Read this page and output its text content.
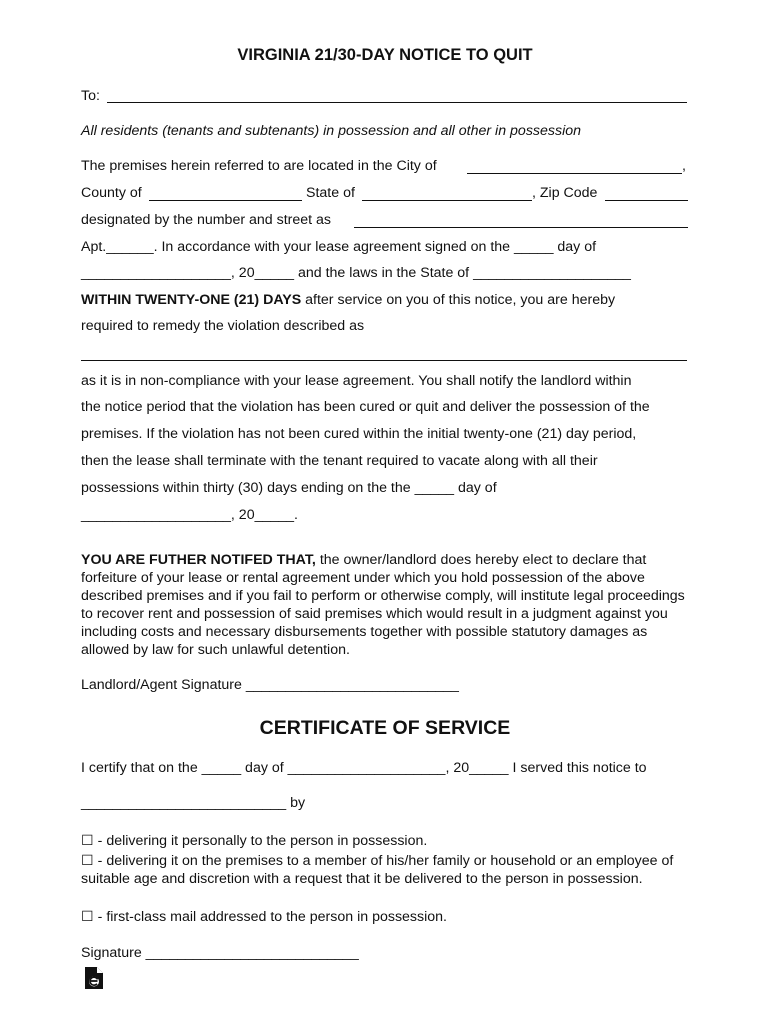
VIRGINIA 21/30-DAY NOTICE TO QUIT
To:
All residents (tenants and subtenants) in possession and all other in possession
The premises herein referred to are located in the City of	,
County of	State of	, Zip Code
designated by the number and street as
Apt.______. In accordance with your lease agreement signed on the _____ day of
___________________, 20_____ and the laws in the State of ____________________
WITHIN TWENTY-ONE (21) DAYS after service on you of this notice, you are hereby
required to remedy the violation described as
as it is in non-compliance with your lease agreement. You shall notify the landlord within
the notice period that the violation has been cured or quit and deliver the possession of the
premises. If the violation has not been cured within the initial twenty-one (21) day period,
then the lease shall terminate with the tenant required to vacate along with all their
possessions within thirty (30) days ending on the the _____ day of
___________________, 20_____.
YOU ARE FUTHER NOTIFED THAT, the owner/landlord does hereby elect to declare that forfeiture of your lease or rental agreement under which you hold possession of the above described premises and if you fail to perform or otherwise comply, will institute legal proceedings to recover rent and possession of said premises which would result in a judgment against you including costs and necessary disbursements together with possible statutory damages as allowed by law for such unlawful detention.
Landlord/Agent Signature ___________________________
CERTIFICATE OF SERVICE
I certify that on the _____ day of ____________________, 20_____ I served this notice to
__________________________ by
☐ - delivering it personally to the person in possession.
☐ - delivering it on the premises to a member of his/her family or household or an employee of suitable age and discretion with a request that it be delivered to the person in possession.
☐ - first-class mail addressed to the person in possession.
Signature ___________________________
